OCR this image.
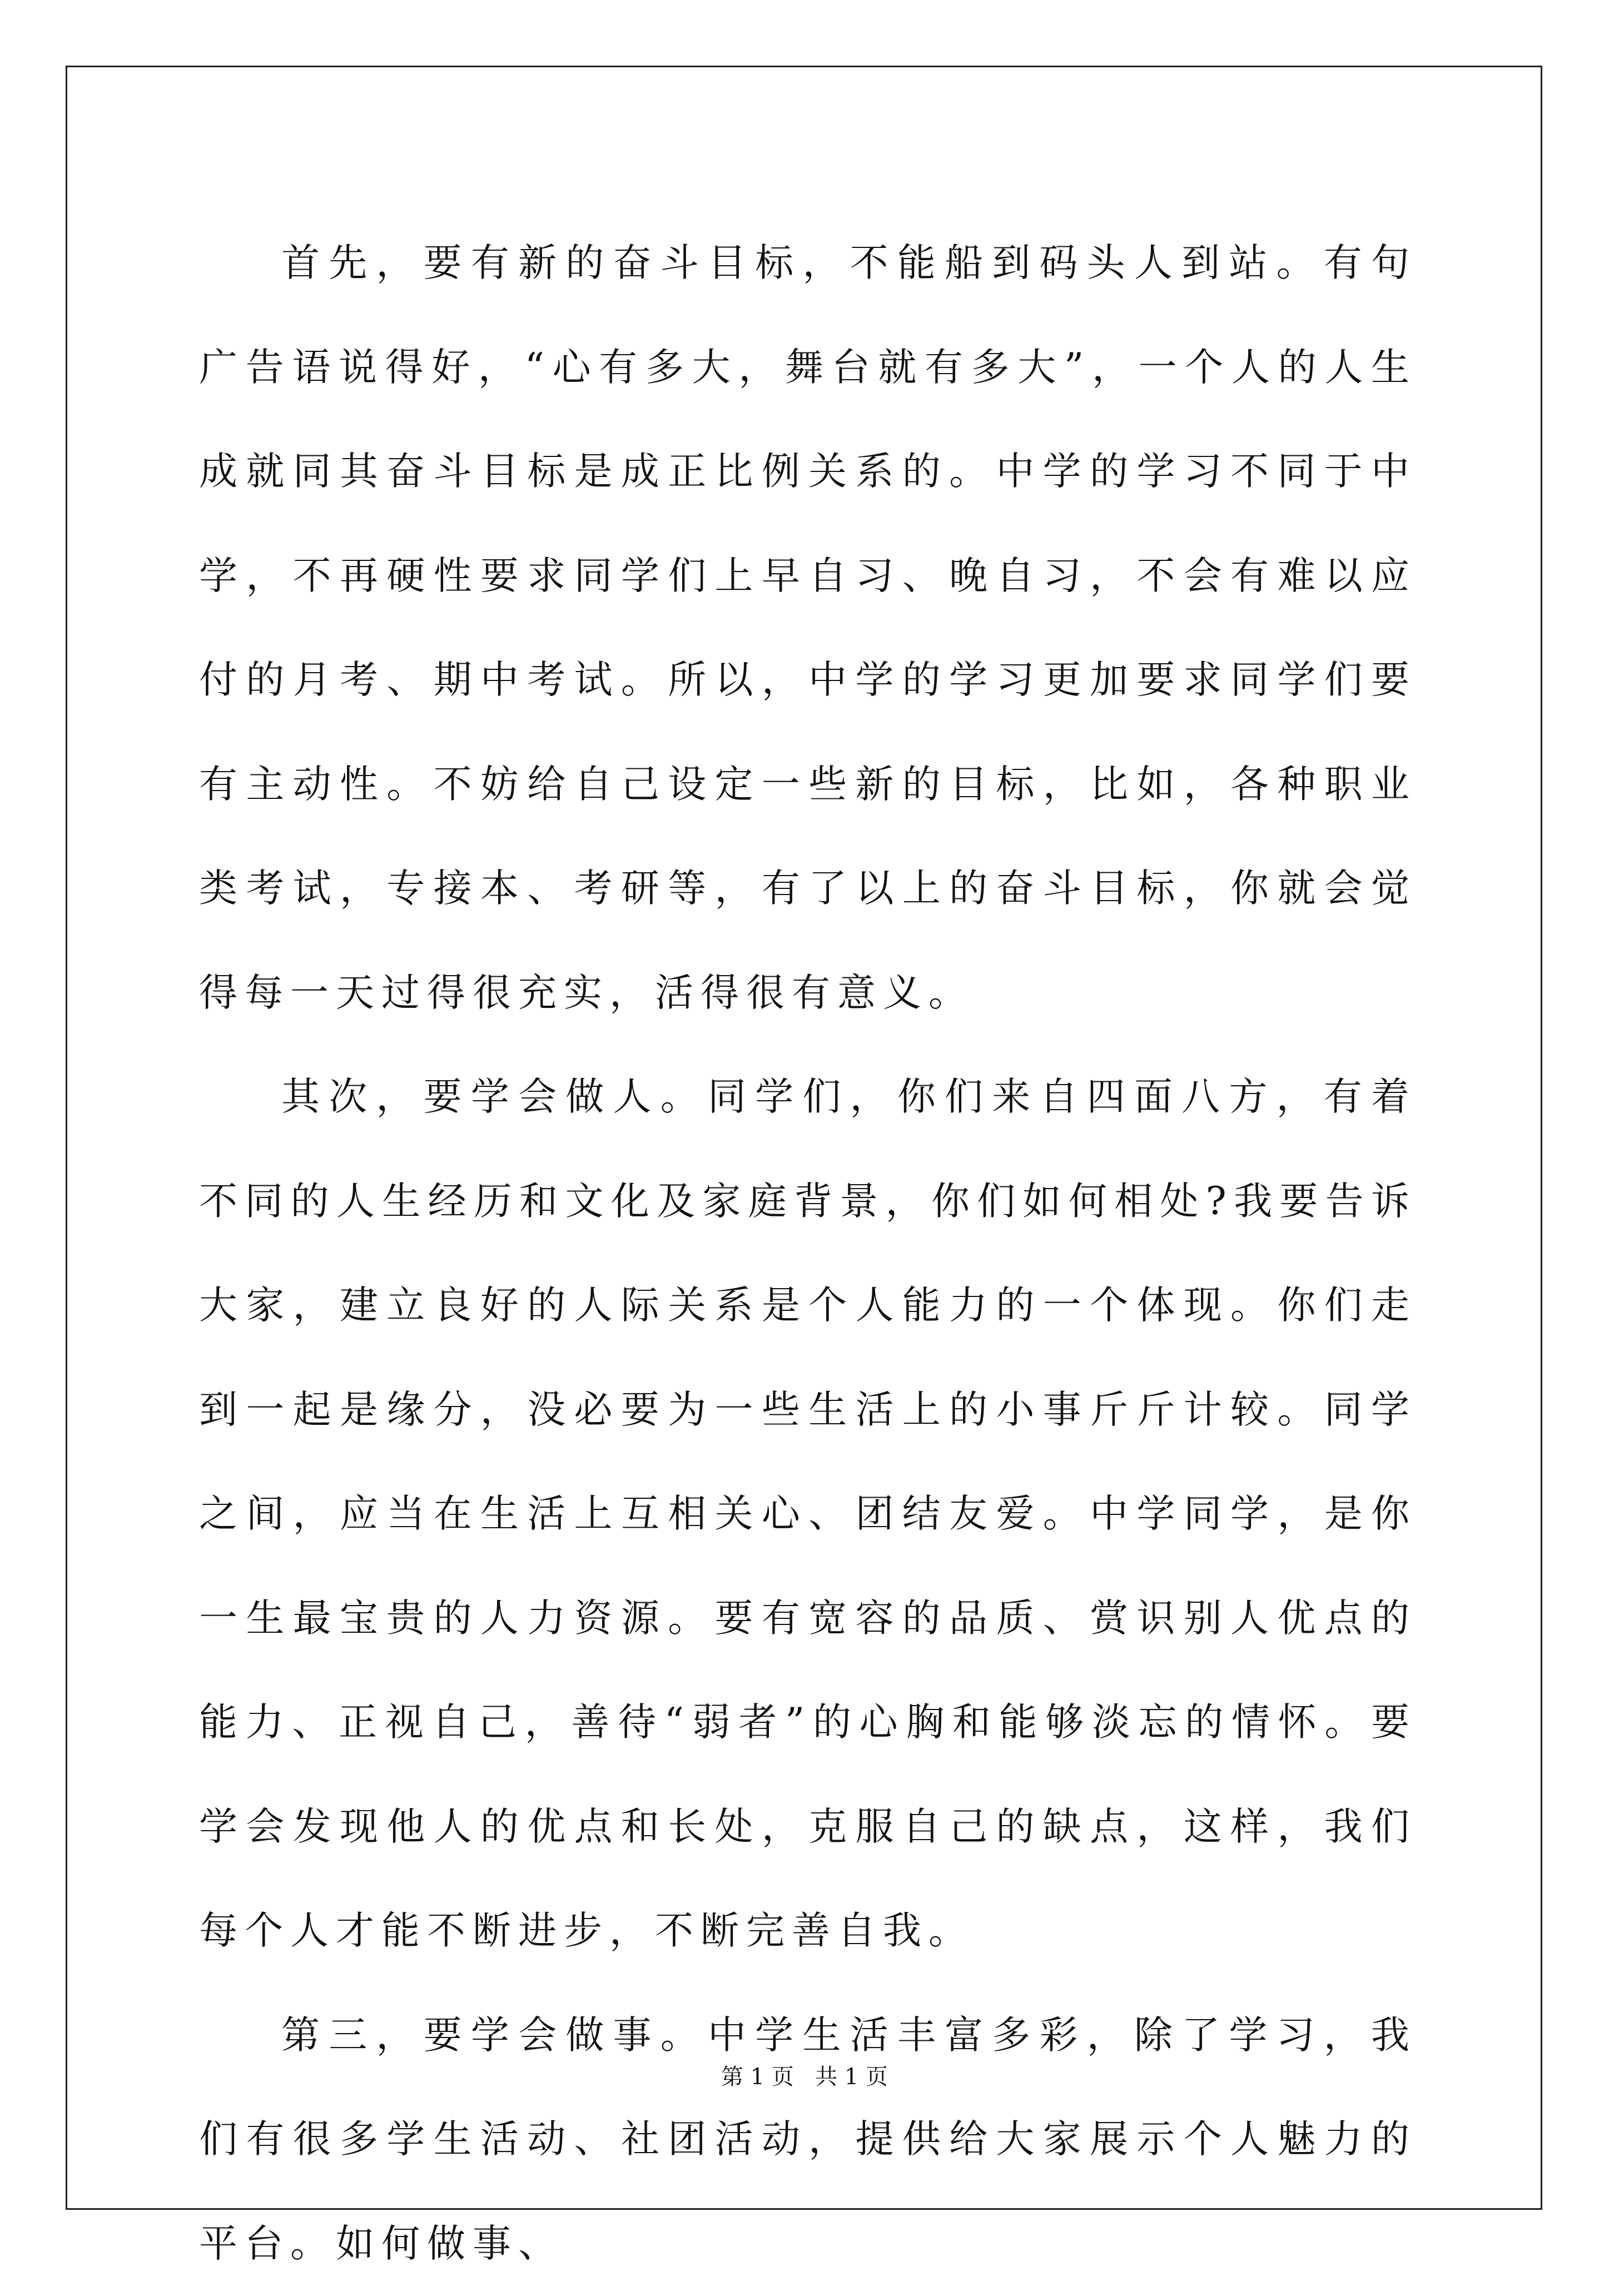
首先，要有新的奋斗目标，不能船到码头人到站。有句广告语说得好，“心有多大，舞台就有多大”，一个人的人生成就同其奋斗目标是成正比例关系的。中学的学习不同于中学，不再硬性要求同学们上早自习、晚自习，不会有难以应付的月考、期中考试。所以，中学的学习更加要求同学们要有主动性。不妨给自己设定一些新的目标，比如，各种职业类考试，专接本、考研等，有了以上的奋斗目标，你就会觉得每一天过得很充实，活得很有意义。

其次，要学会做人。同学们，你们来自四面八方，有着不同的人生经历和文化及家庭背景，你们如何相处?我要告诉大家，建立良好的人际关系是个人能力的一个体现。你们走到一起是缘分，没必要为一些生活上的小事斤斤计较。同学之间，应当在生活上互相关心、团结友爱。中学同学，是你一生最宝贵的人力资源。要有宽容的品质、赏识别人优点的能力、正视自己，善待“弱者”的心胸和能够淡忘的情怀。要学会发现他人的优点和长处，克服自己的缺点，这样，我们每个人才能不断进步，不断完善自我。

第三，要学会做事。中学生活丰富多彩，除了学习，我们有很多学生活动、社团活动，提供给大家展示个人魅力的平台。如何做事、

第 1 页   共 1 页
